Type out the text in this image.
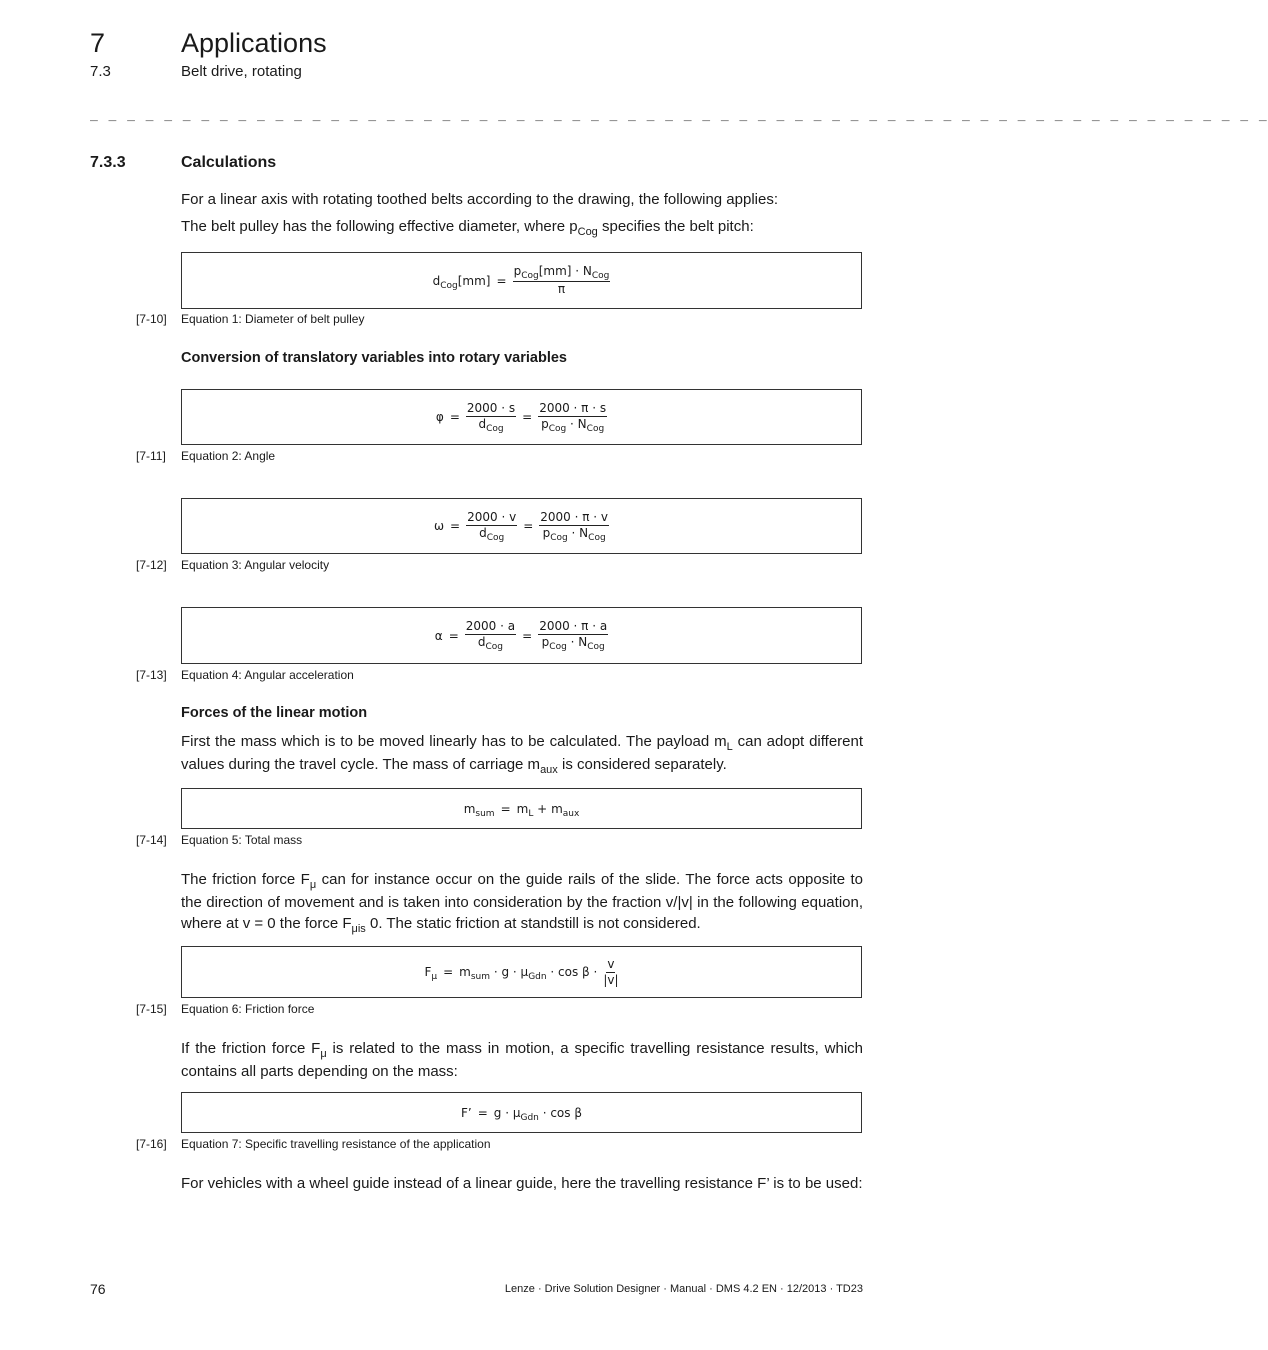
7	Applications
7.3	Belt drive, rotating
_ _ _ _ _ _ _ _ _ _ _ _ _ _ _ _ _ _ _ _ _ _ _ _ _ _ _ _ _ _ _ _ _ _ _ _ _ _ _ _ _ _ _ _ _ _ _ _ _ _ _ _ _ _ _ _ _ _ _ _ _ _ _ _
7.3.3	Calculations
For a linear axis with rotating toothed belts according to the drawing, the following applies:
The belt pulley has the following effective diameter, where $p_{Cog}$ specifies the belt pitch:
$d_{Cog}[mm] = \frac{p_{Cog}[mm] \cdot N_{Cog}}{\pi}$
[7-10] Equation 1: Diameter of belt pulley
Conversion of translatory variables into rotary variables
$\varphi = \frac{2000 \cdot s}{d_{Cog}} = \frac{2000 \cdot \pi \cdot s}{p_{Cog} \cdot N_{Cog}}$
[7-11] Equation 2: Angle
$\omega = \frac{2000 \cdot v}{d_{Cog}} = \frac{2000 \cdot \pi \cdot v}{p_{Cog} \cdot N_{Cog}}$
[7-12] Equation 3: Angular velocity
$\alpha = \frac{2000 \cdot a}{d_{Cog}} = \frac{2000 \cdot \pi \cdot a}{p_{Cog} \cdot N_{Cog}}$
[7-13] Equation 4: Angular acceleration
Forces of the linear motion
First the mass which is to be moved linearly has to be calculated. The payload $m_L$ can adopt different values during the travel cycle. The mass of carriage $m_{aux}$ is considered separately.
$m_{sum} = m_L + m_{aux}$
[7-14] Equation 5: Total mass
The friction force $F_\mu$ can for instance occur on the guide rails of the slide. The force acts opposite to the direction of movement and is taken into consideration by the fraction v/|v| in the following equation, where at v = 0 the force $F_{\mu is}$ 0. The static friction at standstill is not considered.
$F_\mu = m_{sum} \cdot g \cdot \mu_{Gdn} \cdot \cos \beta \cdot \frac{v}{|v|}$
[7-15] Equation 6: Friction force
If the friction force $F_\mu$ is related to the mass in motion, a specific travelling resistance results, which contains all parts depending on the mass:
F’ = $g \cdot \mu_{Gdn} \cdot \cos \beta$
[7-16] Equation 7: Specific travelling resistance of the application
For vehicles with a wheel guide instead of a linear guide, here the travelling resistance F’ is to be used:
76	Lenze · Drive Solution Designer · Manual · DMS 4.2 EN · 12/2013 · TD23
